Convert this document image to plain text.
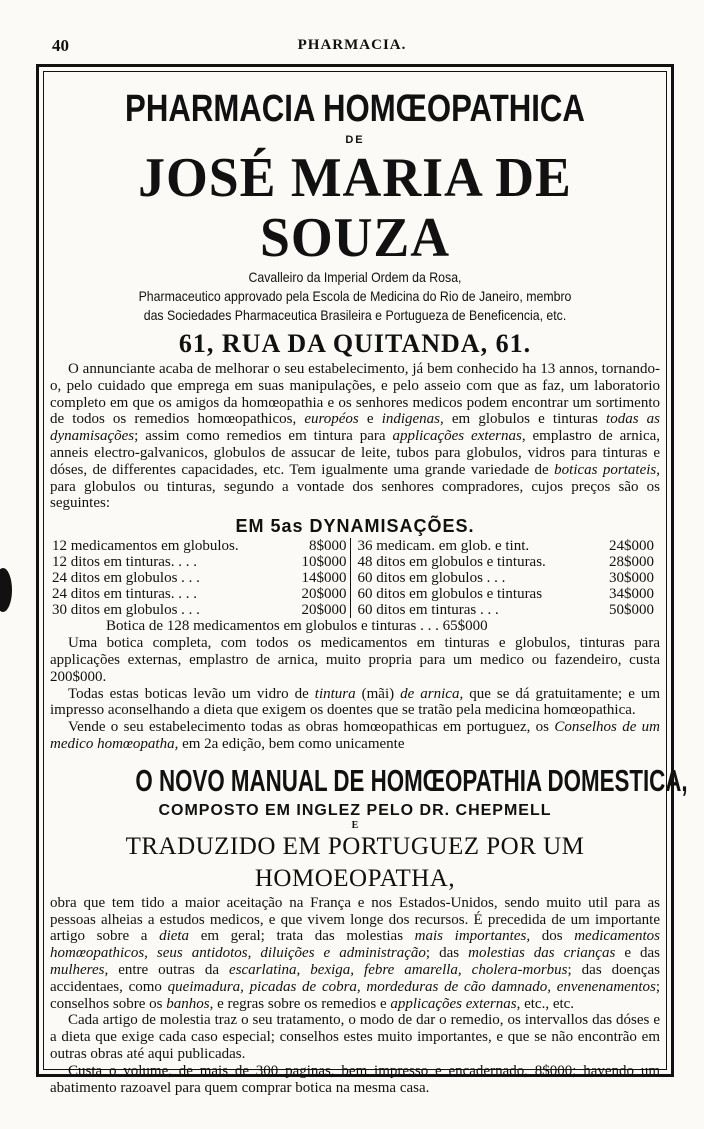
40	PHARMACIA.
PHARMACIA HOMŒOPATHICA
DE
JOSÉ MARIA DE SOUZA
Cavalleiro da Imperial Ordem da Rosa,
Pharmaceutico approvado pela Escola de Medicina do Rio de Janeiro, membro
das Sociedades Pharmaceutica Brasileira e Portugueza de Beneficencia, etc.
61, RUA DA QUITANDA, 61.
O annunciante acaba de melhorar o seu estabelecimento, já bem conhecido ha 13 annos, tornando-o, pelo cuidado que emprega em suas manipulações, e pelo asseio com que as faz, um laboratorio completo em que os amigos da homœopathia e os senhores medicos podem encontrar um sortimento de todos os remedios homœopathicos, européos e indigenas, em globulos e tinturas todas as dynamisações; assim como remedios em tintura para applicações externas, emplastro de arnica, anneis electro-galvanicos, globulos de assucar de leite, tubos para globulos, vidros para tinturas e dóses, de differentes capacidades, etc. Tem igualmente uma grande variedade de boticas portateis, para globulos ou tinturas, segundo a vontade dos senhores compradores, cujos preços são os seguintes:
EM 5as DYNAMISAÇÕES.
12 medicamentos em globulos.	8$000		36 medicam. em glob. e tint.	24$000
12 ditos em tinturas. . . .	10$000		48 ditos em globulos e tinturas.	28$000
24 ditos em globulos . . .	14$000		60 ditos em globulos . . .	30$000
24 ditos em tinturas. . . .	20$000		60 ditos em globulos e tinturas	34$000
30 ditos em globulos . . .	20$000		60 ditos em tinturas . . .	50$000
Botica de 128 medicamentos em globulos e tinturas . . . 65$000
Uma botica completa, com todos os medicamentos em tinturas e globulos, tinturas para applicações externas, emplastro de arnica, muito propria para um medico ou fazendeiro, custa 200$000.
Todas estas boticas levão um vidro de tintura (mãi) de arnica, que se dá gratuitamente; e um impresso aconselhando a dieta que exigem os doentes que se tratão pela medicina homœopathica.
Vende o seu estabelecimento todas as obras homœopathicas em portuguez, os Conselhos de um medico homœopatha, em 2a edição, bem como unicamente
O NOVO MANUAL DE HOMŒOPATHIA DOMESTICA,
COMPOSTO EM INGLEZ PELO DR. CHEPMELL
E
TRADUZIDO EM PORTUGUEZ POR UM HOMOEOPATHA,
obra que tem tido a maior aceitação na França e nos Estados-Unidos, sendo muito util para as pessoas alheias a estudos medicos, e que vivem longe dos recursos. É precedida de um importante artigo sobre a dieta em geral; trata das molestias mais importantes, dos medicamentos homœopathicos, seus antidotos, diluições e administração; das molestias das crianças e das mulheres, entre outras da escarlatina, bexiga, febre amarella, cholera-morbus; das doenças accidentaes, como queimadura, picadas de cobra, mordeduras de cão damnado, envenenamentos; conselhos sobre os banhos, e regras sobre os remedios e applicações externas, etc., etc.
Cada artigo de molestia traz o seu tratamento, o modo de dar o remedio, os intervallos das dóses e a dieta que exige cada caso especial; conselhos estes muito importantes, e que se não encontrão em outras obras até aqui publicadas.
Custa o volume, de mais de 300 paginas, bem impresso e encadernado, 8$000; havendo um abatimento razoavel para quem comprar botica na mesma casa.
